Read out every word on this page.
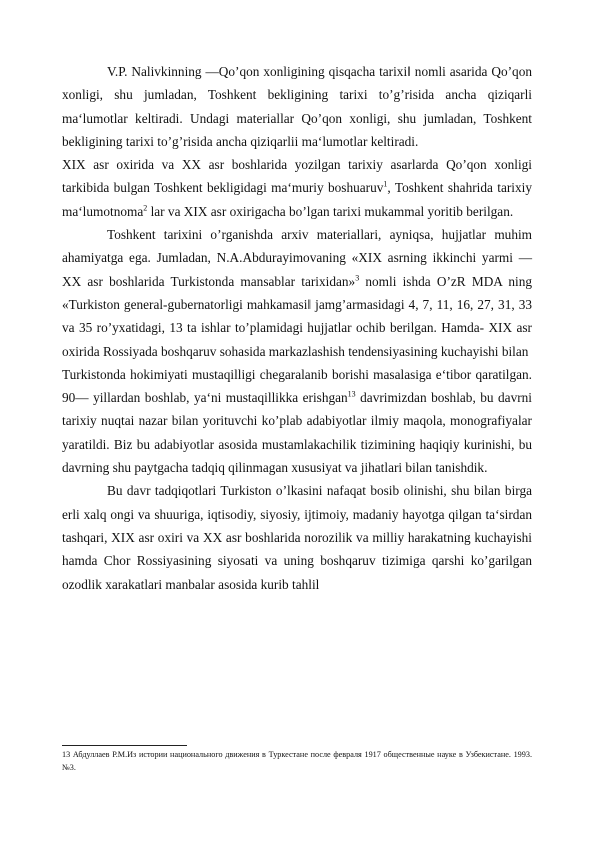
V.P. Nalivkinning ―Qo’qon xonligining qisqacha tarixi‖ nomli asarida Qo’qon xonligi, shu jumladan, Toshkent bekligining tarixi to’g’risida ancha qiziqarli ma‘lumotlar keltiradi. Undagi materiallar Qo’qon xonligi, shu jumladan, Toshkent bekligining tarixi to’g’risida ancha qiziqarlii ma‘lumotlar keltiradi.

XIX asr oxirida va XX asr boshlarida yozilgan tarixiy asarlarda Qo’qon xonligi tarkibida bulgan Toshkent bekligidagi ma‘muriy boshuaruv$^1$, Toshkent shahrida tarixiy ma‘lumotnoma$^2$ lar va XIX asr oxirigacha bo’lgan tarixi mukammal yoritib berilgan.

Toshkent tarixini o’rganishda arxiv materiallari, ayniqsa, hujjatlar muhim ahamiyatga ega. Jumladan, N.A.Abdurayimovaning «XIX asrning ikkinchi yarmi — XX asr boshlarida Turkistonda mansablar tarixidan»$^3$ nomli ishda O’zR MDA ning «Turkiston general-gubernatorligi mahkamasi‖ jamg’armasidagi 4, 7, 11, 16, 27, 31, 33 va 35 ro’yxatidagi, 13 ta ishlar to’plamidagi hujjatlar ochib berilgan. Hamda- XIX asr oxirida Rossiyada boshqaruv sohasida markazlashish tendensiyasining kuchayishi bilan

Turkistonda hokimiyati mustaqilligi chegaralanib borishi masalasiga e‘tibor qaratilgan. 90— yillardan boshlab, ya‘ni mustaqillikka erishgan$^{13}$ davrimizdan boshlab, bu davrni tarixiy nuqtai nazar bilan yorituvchi ko’plab adabiyotlar ilmiy maqola, monografiyalar yaratildi. Biz bu adabiyotlar asosida mustamlakachilik tizimining haqiqiy kurinishi, bu davrning shu paytgacha tadqiq qilinmagan xususiyat va jihatlari bilan tanishdik.

Bu davr tadqiqotlari Turkiston o’lkasini nafaqat bosib olinishi, shu bilan birga erli xalq ongi va shuuriga, iqtisodiy, siyosiy, ijtimoiy, madaniy hayotga qilgan ta‘sirdan tashqari, XIX asr oxiri va XX asr boshlarida norozilik va milliy harakatning kuchayishi hamda Chor Rossiyasining siyosati va uning boshqaruv tizimiga qarshi ko’garilgan ozodlik xarakatlari manbalar asosida kurib tahlil

13 Абдуллаев Р.М.Из истории национального движения в Туркестане после февраля 1917 общественные науке в Узбекистане. 1993. №3.
